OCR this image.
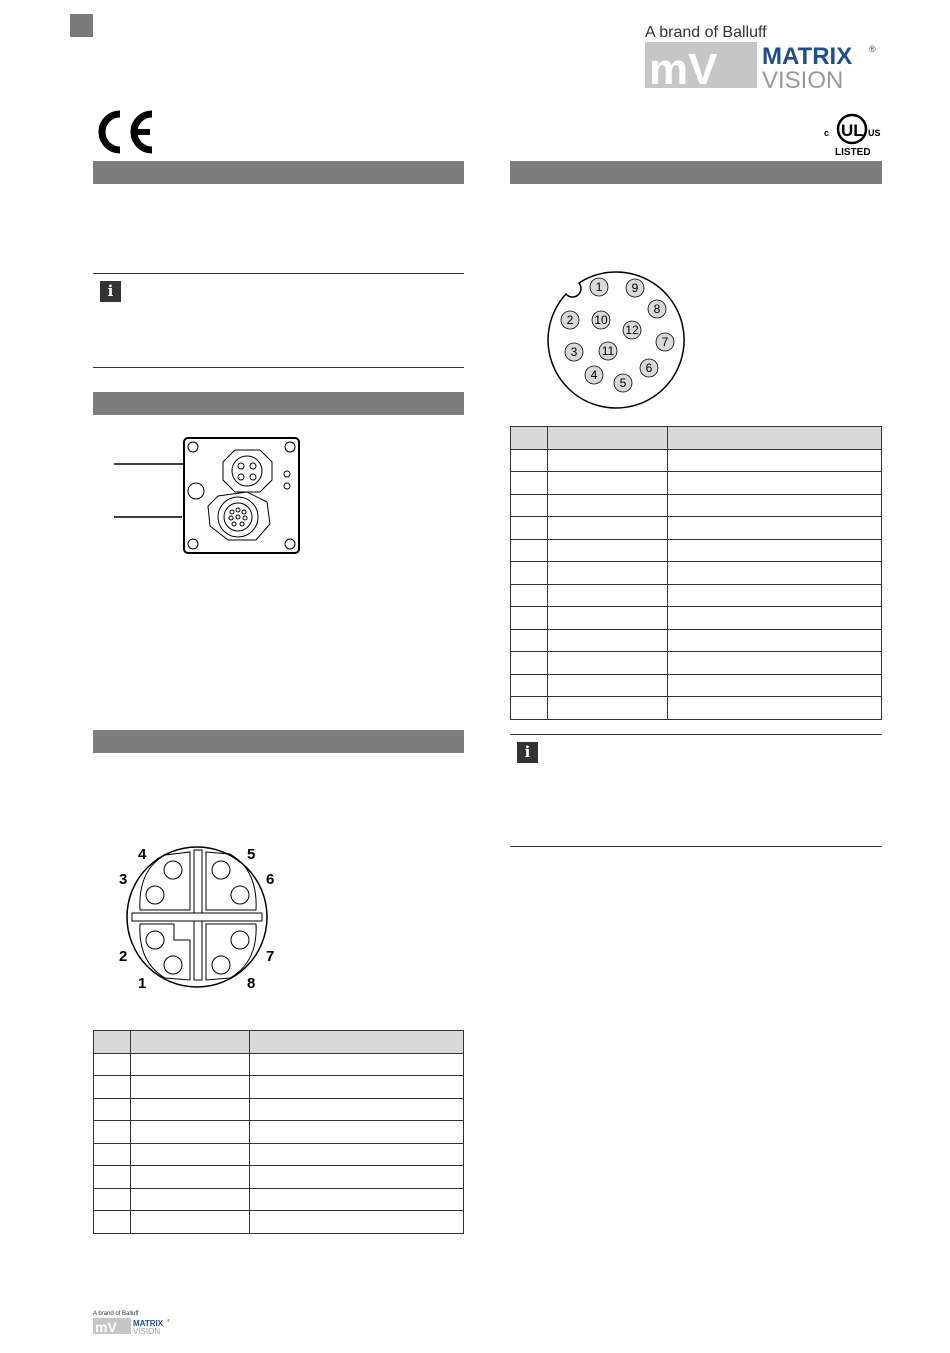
A brand of Balluff
mV MATRIX ®
VISION
c UL US
LISTED
i
4	5
3	6
2	7
1	8

1 9
8
2 10
12
7
3 11
6
4
5

i
A brand of Balluff
mV MATRIX ®
VISION
